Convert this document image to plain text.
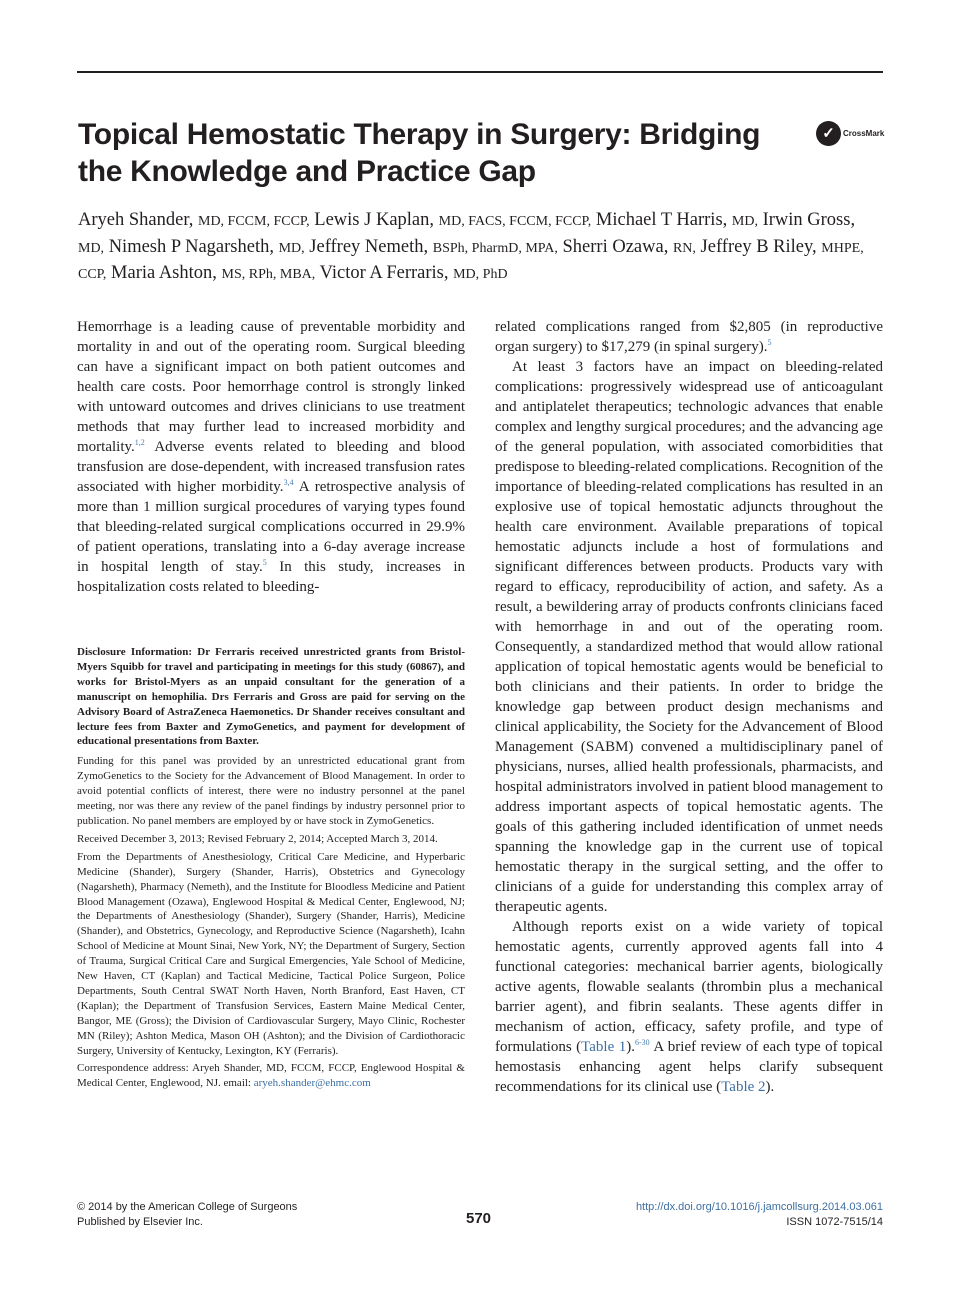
Topical Hemostatic Therapy in Surgery: Bridging the Knowledge and Practice Gap
✓	CrossMark
Aryeh Shander, MD, FCCM, FCCP, Lewis J Kaplan, MD, FACS, FCCM, FCCP, Michael T Harris, MD, Irwin Gross, MD, Nimesh P Nagarsheth, MD, Jeffrey Nemeth, BSPh, PharmD, MPA, Sherri Ozawa, RN, Jeffrey B Riley, MHPE, CCP, Maria Ashton, MS, RPh, MBA, Victor A Ferraris, MD, PhD

Hemorrhage is a leading cause of preventable morbidity and mortality in and out of the operating room. Surgical bleeding can have a significant impact on both patient outcomes and health care costs. Poor hemorrhage control is strongly linked with untoward outcomes and drives clinicians to use treatment methods that may further lead to increased morbidity and mortality.$^{1,2}$ Adverse events related to bleeding and blood transfusion are dose-dependent, with increased transfusion rates associated with higher morbidity.$^{3,4}$ A retrospective analysis of more than 1 million surgical procedures of varying types found that bleeding-related surgical complications occurred in 29.9% of patient operations, translating into a 6-day average increase in hospital length of stay.$^5$ In this study, increases in hospitalization costs related to bleeding-

Disclosure Information: Dr Ferraris received unrestricted grants from Bristol-Myers Squibb for travel and participating in meetings for this study (60867), and works for Bristol-Myers as an unpaid consultant for the generation of a manuscript on hemophilia. Drs Ferraris and Gross are paid for serving on the Advisory Board of AstraZeneca Haemonetics. Dr Shander receives consultant and lecture fees from Baxter and ZymoGenetics, and payment for development of educational presentations from Baxter.

Funding for this panel was provided by an unrestricted educational grant from ZymoGenetics to the Society for the Advancement of Blood Management. In order to avoid potential conflicts of interest, there were no industry personnel at the panel meeting, nor was there any review of the panel findings by industry personnel prior to publication. No panel members are employed by or have stock in ZymoGenetics.

Received December 3, 2013; Revised February 2, 2014; Accepted March 3, 2014.

From the Departments of Anesthesiology, Critical Care Medicine, and Hyperbaric Medicine (Shander), Surgery (Shander, Harris), Obstetrics and Gynecology (Nagarsheth), Pharmacy (Nemeth), and the Institute for Bloodless Medicine and Patient Blood Management (Ozawa), Englewood Hospital & Medical Center, Englewood, NJ; the Departments of Anesthesiology (Shander), Surgery (Shander, Harris), Medicine (Shander), and Obstetrics, Gynecology, and Reproductive Science (Nagarsheth), Icahn School of Medicine at Mount Sinai, New York, NY; the Department of Surgery, Section of Trauma, Surgical Critical Care and Surgical Emergencies, Yale School of Medicine, New Haven, CT (Kaplan) and Tactical Medicine, Tactical Police Surgeon, Police Departments, South Central SWAT North Haven, North Branford, East Haven, CT (Kaplan); the Department of Transfusion Services, Eastern Maine Medical Center, Bangor, ME (Gross); the Division of Cardiovascular Surgery, Mayo Clinic, Rochester MN (Riley); Ashton Medica, Mason OH (Ashton); and the Division of Cardiothoracic Surgery, University of Kentucky, Lexington, KY (Ferraris).

Correspondence address: Aryeh Shander, MD, FCCM, FCCP, Englewood Hospital & Medical Center, Englewood, NJ. email: aryeh.shander@ehmc.com

related complications ranged from $2,805 (in reproductive organ surgery) to $17,279 (in spinal surgery).$^5$

At least 3 factors have an impact on bleeding-related complications: progressively widespread use of anticoagulant and antiplatelet therapeutics; technologic advances that enable complex and lengthy surgical procedures; and the advancing age of the general population, with associated comorbidities that predispose to bleeding-related complications. Recognition of the importance of bleeding-related complications has resulted in an explosive use of topical hemostatic adjuncts throughout the health care environment. Available preparations of topical hemostatic adjuncts include a host of formulations and significant differences between products. Products vary with regard to efficacy, reproducibility of action, and safety. As a result, a bewildering array of products confronts clinicians faced with hemorrhage in and out of the operating room. Consequently, a standardized method that would allow rational application of topical hemostatic agents would be beneficial to both clinicians and their patients. In order to bridge the knowledge gap between product design mechanisms and clinical applicability, the Society for the Advancement of Blood Management (SABM) convened a multidisciplinary panel of physicians, nurses, allied health professionals, pharmacists, and hospital administrators involved in patient blood management to address important aspects of topical hemostatic agents. The goals of this gathering included identification of unmet needs spanning the knowledge gap in the current use of topical hemostatic therapy in the surgical setting, and the offer to clinicians of a guide for understanding this complex array of therapeutic agents.

Although reports exist on a wide variety of topical hemostatic agents, currently approved agents fall into 4 functional categories: mechanical barrier agents, biologically active agents, flowable sealants (thrombin plus a mechanical barrier agent), and fibrin sealants. These agents differ in mechanism of action, efficacy, safety profile, and type of formulations (Table 1).$^{6-30}$ A brief review of each type of topical hemostasis enhancing agent helps clarify subsequent recommendations for its clinical use (Table 2).

© 2014 by the American College of Surgeons
Published by Elsevier Inc.	570
http://dx.doi.org/10.1016/j.jamcollsurg.2014.03.061
ISSN 1072-7515/14
